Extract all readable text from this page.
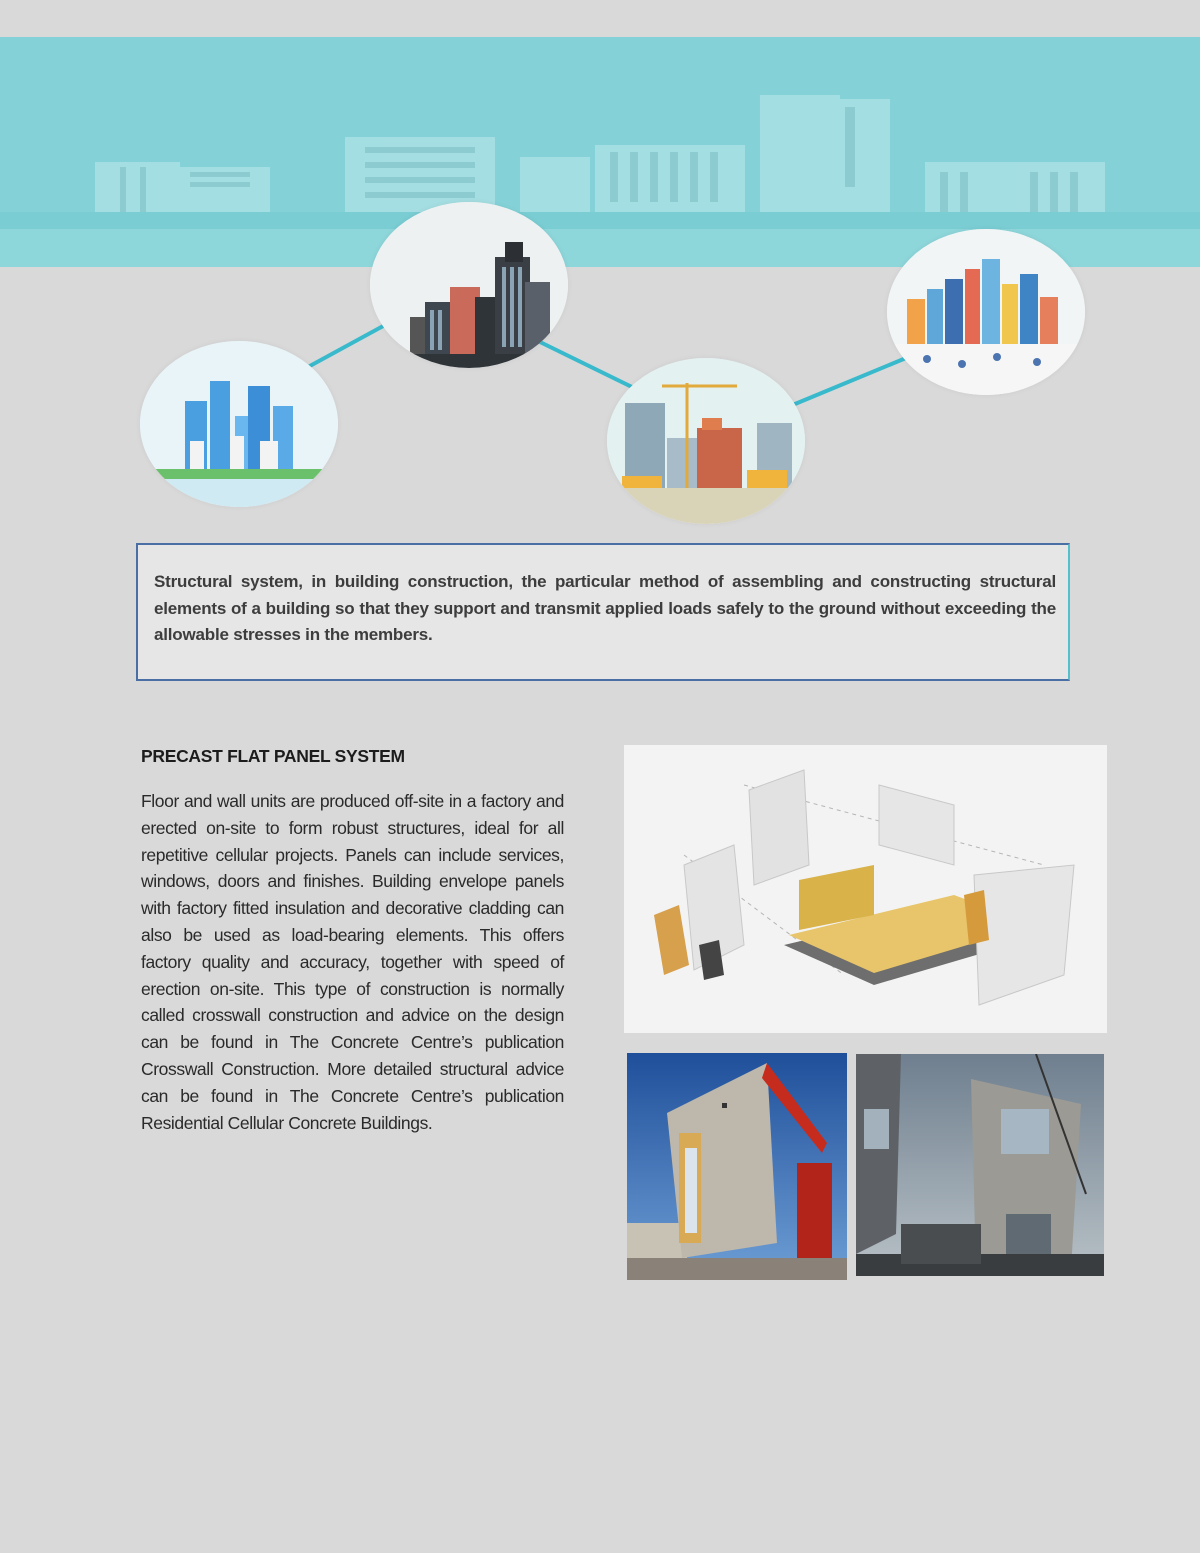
Structural system, in building construction, the particular method of assembling and constructing structural elements of a building so that they support and transmit applied loads safely to the ground without exceeding the allowable stresses in the members.

PRECAST FLAT PANEL SYSTEM

Floor and wall units are produced off-site in a factory and erected on-site to form robust structures, ideal for all repetitive cellular projects. Panels can include services, windows, doors and finishes. Building envelope panels with factory fitted insulation and decorative cladding can also be used as load-bearing elements. This offers factory quality and accuracy, together with speed of erection on-site. This type of construction is normally called crosswall construction and advice on the design can be found in The Concrete Centre’s publication Crosswall Construction. More detailed structural advice can be found in The Concrete Centre’s publication Residential Cellular Concrete Buildings.
